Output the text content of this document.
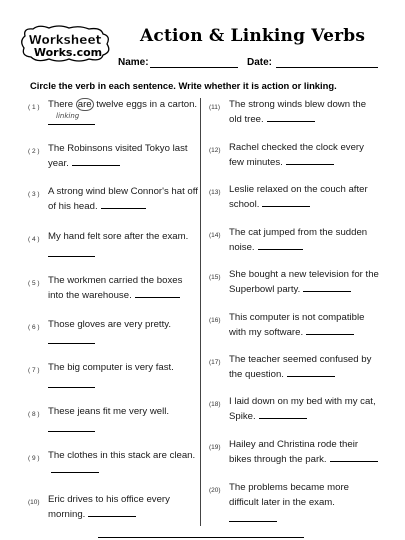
Worksheet
Works.com
Action & Linking Verbs
Name:	Date:
Circle the verb in each sentence. Write whether it is action or linking.
( 1 ) There are twelve eggs in a carton.
linking
( 2 ) The Robinsons visited Tokyo last year.
( 3 ) A strong wind blew Connor's hat off of his head.
( 4 ) My hand felt sore after the exam.
( 5 ) The workmen carried the boxes into the warehouse.
( 6 ) Those gloves are very pretty.
( 7 ) The big computer is very fast.
( 8 ) These jeans fit me very well.
( 9 ) The clothes in this stack are clean.
(10) Eric drives to his office every morning.
(11) The strong winds blew down the old tree.
(12) Rachel checked the clock every few minutes.
(13) Leslie relaxed on the couch after school.
(14) The cat jumped from the sudden noise.
(15) She bought a new television for the Superbowl party.
(16) This computer is not compatible with my software.
(17) The teacher seemed confused by the question.
(18) I laid down on my bed with my cat, Spike.
(19) Hailey and Christina rode their bikes through the park.
(20) The problems became more difficult later in the exam.
